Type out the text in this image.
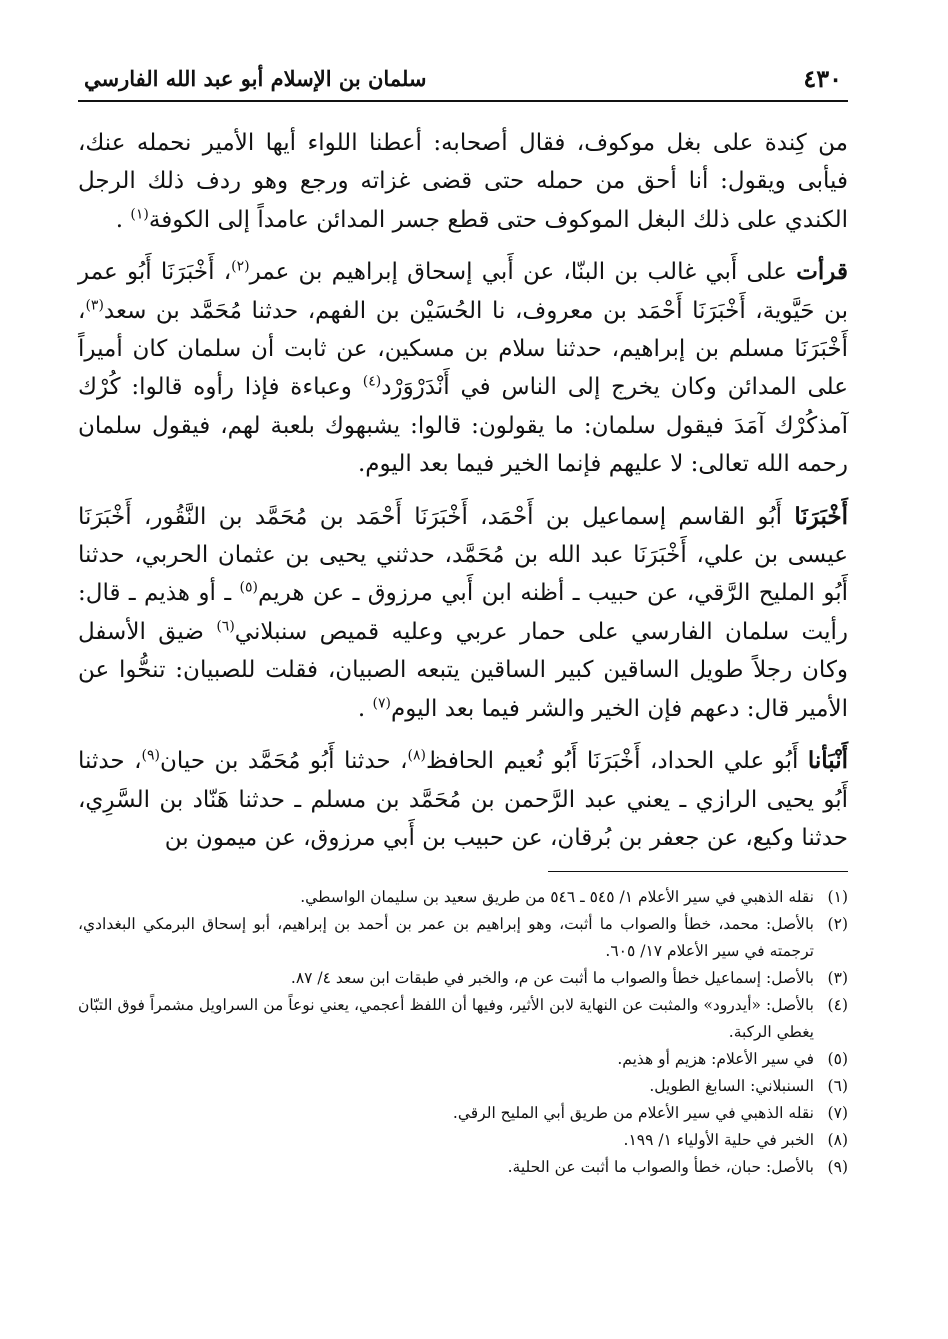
٤٣٠
سلمان بن الإسلام أبو عبد الله الفارسي

من كِندة على بغل موكوف، فقال أصحابه: أعطنا اللواء أيها الأمير نحمله عنك، فيأبى ويقول: أنا أحق من حمله حتى قضى غزاته ورجع وهو ردف ذلك الرجل الكندي على ذلك البغل الموكوف حتى قطع جسر المدائن عامداً إلى الكوفة$^{(١)}$ .

قرأت على أَبي غالب بن البنّا، عن أَبي إسحاق إبراهيم بن عمر$^{(٢)}$، أَخْبَرَنَا أَبُو عمر بن حَيَّوية، أَخْبَرَنَا أَحْمَد بن معروف، نا الحُسَيْن بن الفهم، حدثنا مُحَمَّد بن سعد$^{(٣)}$، أَخْبَرَنَا مسلم بن إبراهيم، حدثنا سلام بن مسكين، عن ثابت أن سلمان كان أميراً على المدائن وكان يخرج إلى الناس في أَنْدَرْوَرْد$^{(٤)}$ وعباءة فإذا رأوه قالوا: كُرْك آمذكُرْك آمَدَ فيقول سلمان: ما يقولون: قالوا: يشبهوك بلعبة لهم، فيقول سلمان رحمه الله تعالى: لا عليهم فإنما الخير فيما بعد اليوم.

أَخْبَرَنَا أَبُو القاسم إسماعيل بن أَحْمَد، أَخْبَرَنَا أَحْمَد بن مُحَمَّد بن النَّقُور، أَخْبَرَنَا عيسى بن علي، أَخْبَرَنَا عبد الله بن مُحَمَّد، حدثني يحيى بن عثمان الحربي، حدثنا أَبُو المليح الرَّقي، عن حبيب ـ أظنه ابن أَبي مرزوق ـ عن هريم$^{(٥)}$ ـ أو هذيم ـ قال: رأيت سلمان الفارسي على حمار عربي وعليه قميص سنبلاني$^{(٦)}$ ضيق الأسفل وكان رجلاً طويل الساقين كبير الساقين يتبعه الصبيان، فقلت للصبيان: تنحُّوا عن الأمير قال: دعهم فإن الخير والشر فيما بعد اليوم$^{(٧)}$ .

أَنْبَأنا أَبُو علي الحداد، أَخْبَرَنَا أَبُو نُعيم الحافظ$^{(٨)}$، حدثنا أَبُو مُحَمَّد بن حيان$^{(٩)}$، حدثنا أَبُو يحيى الرازي ـ يعني عبد الرَّحمن بن مُحَمَّد بن مسلم ـ حدثنا هَنّاد بن السَّرِي، حدثنا وكيع، عن جعفر بن بُرقان، عن حبيب بن أَبي مرزوق، عن ميمون بن

(١)
نقله الذهبي في سير الأعلام ١/ ٥٤٥ ـ ٥٤٦ من طريق سعيد بن سليمان الواسطي.
(٢)
بالأصل: محمد، خطأ والصواب ما أثبت، وهو إبراهيم بن عمر بن أحمد بن إبراهيم، أبو إسحاق البرمكي البغدادي، ترجمته في سير الأعلام ١٧/ ٦٠٥.
(٣)
بالأصل: إسماعيل خطأ والصواب ما أثبت عن م، والخبر في طبقات ابن سعد ٤/ ٨٧.
(٤)
بالأصل: «أيدرود» والمثبت عن النهاية لابن الأثير، وفيها أن اللفظ أعجمي، يعني نوعاً من السراويل مشمراً فوق التبّان يغطي الركبة.
(٥)
في سير الأعلام: هزيم أو هذيم.
(٦)
السنبلاني: السابغ الطويل.
(٧)
نقله الذهبي في سير الأعلام من طريق أبي المليح الرقي.
(٨)
الخبر في حلية الأولياء ١/ ١٩٩.
(٩)
بالأصل: حبان، خطأ والصواب ما أثبت عن الحلية.
